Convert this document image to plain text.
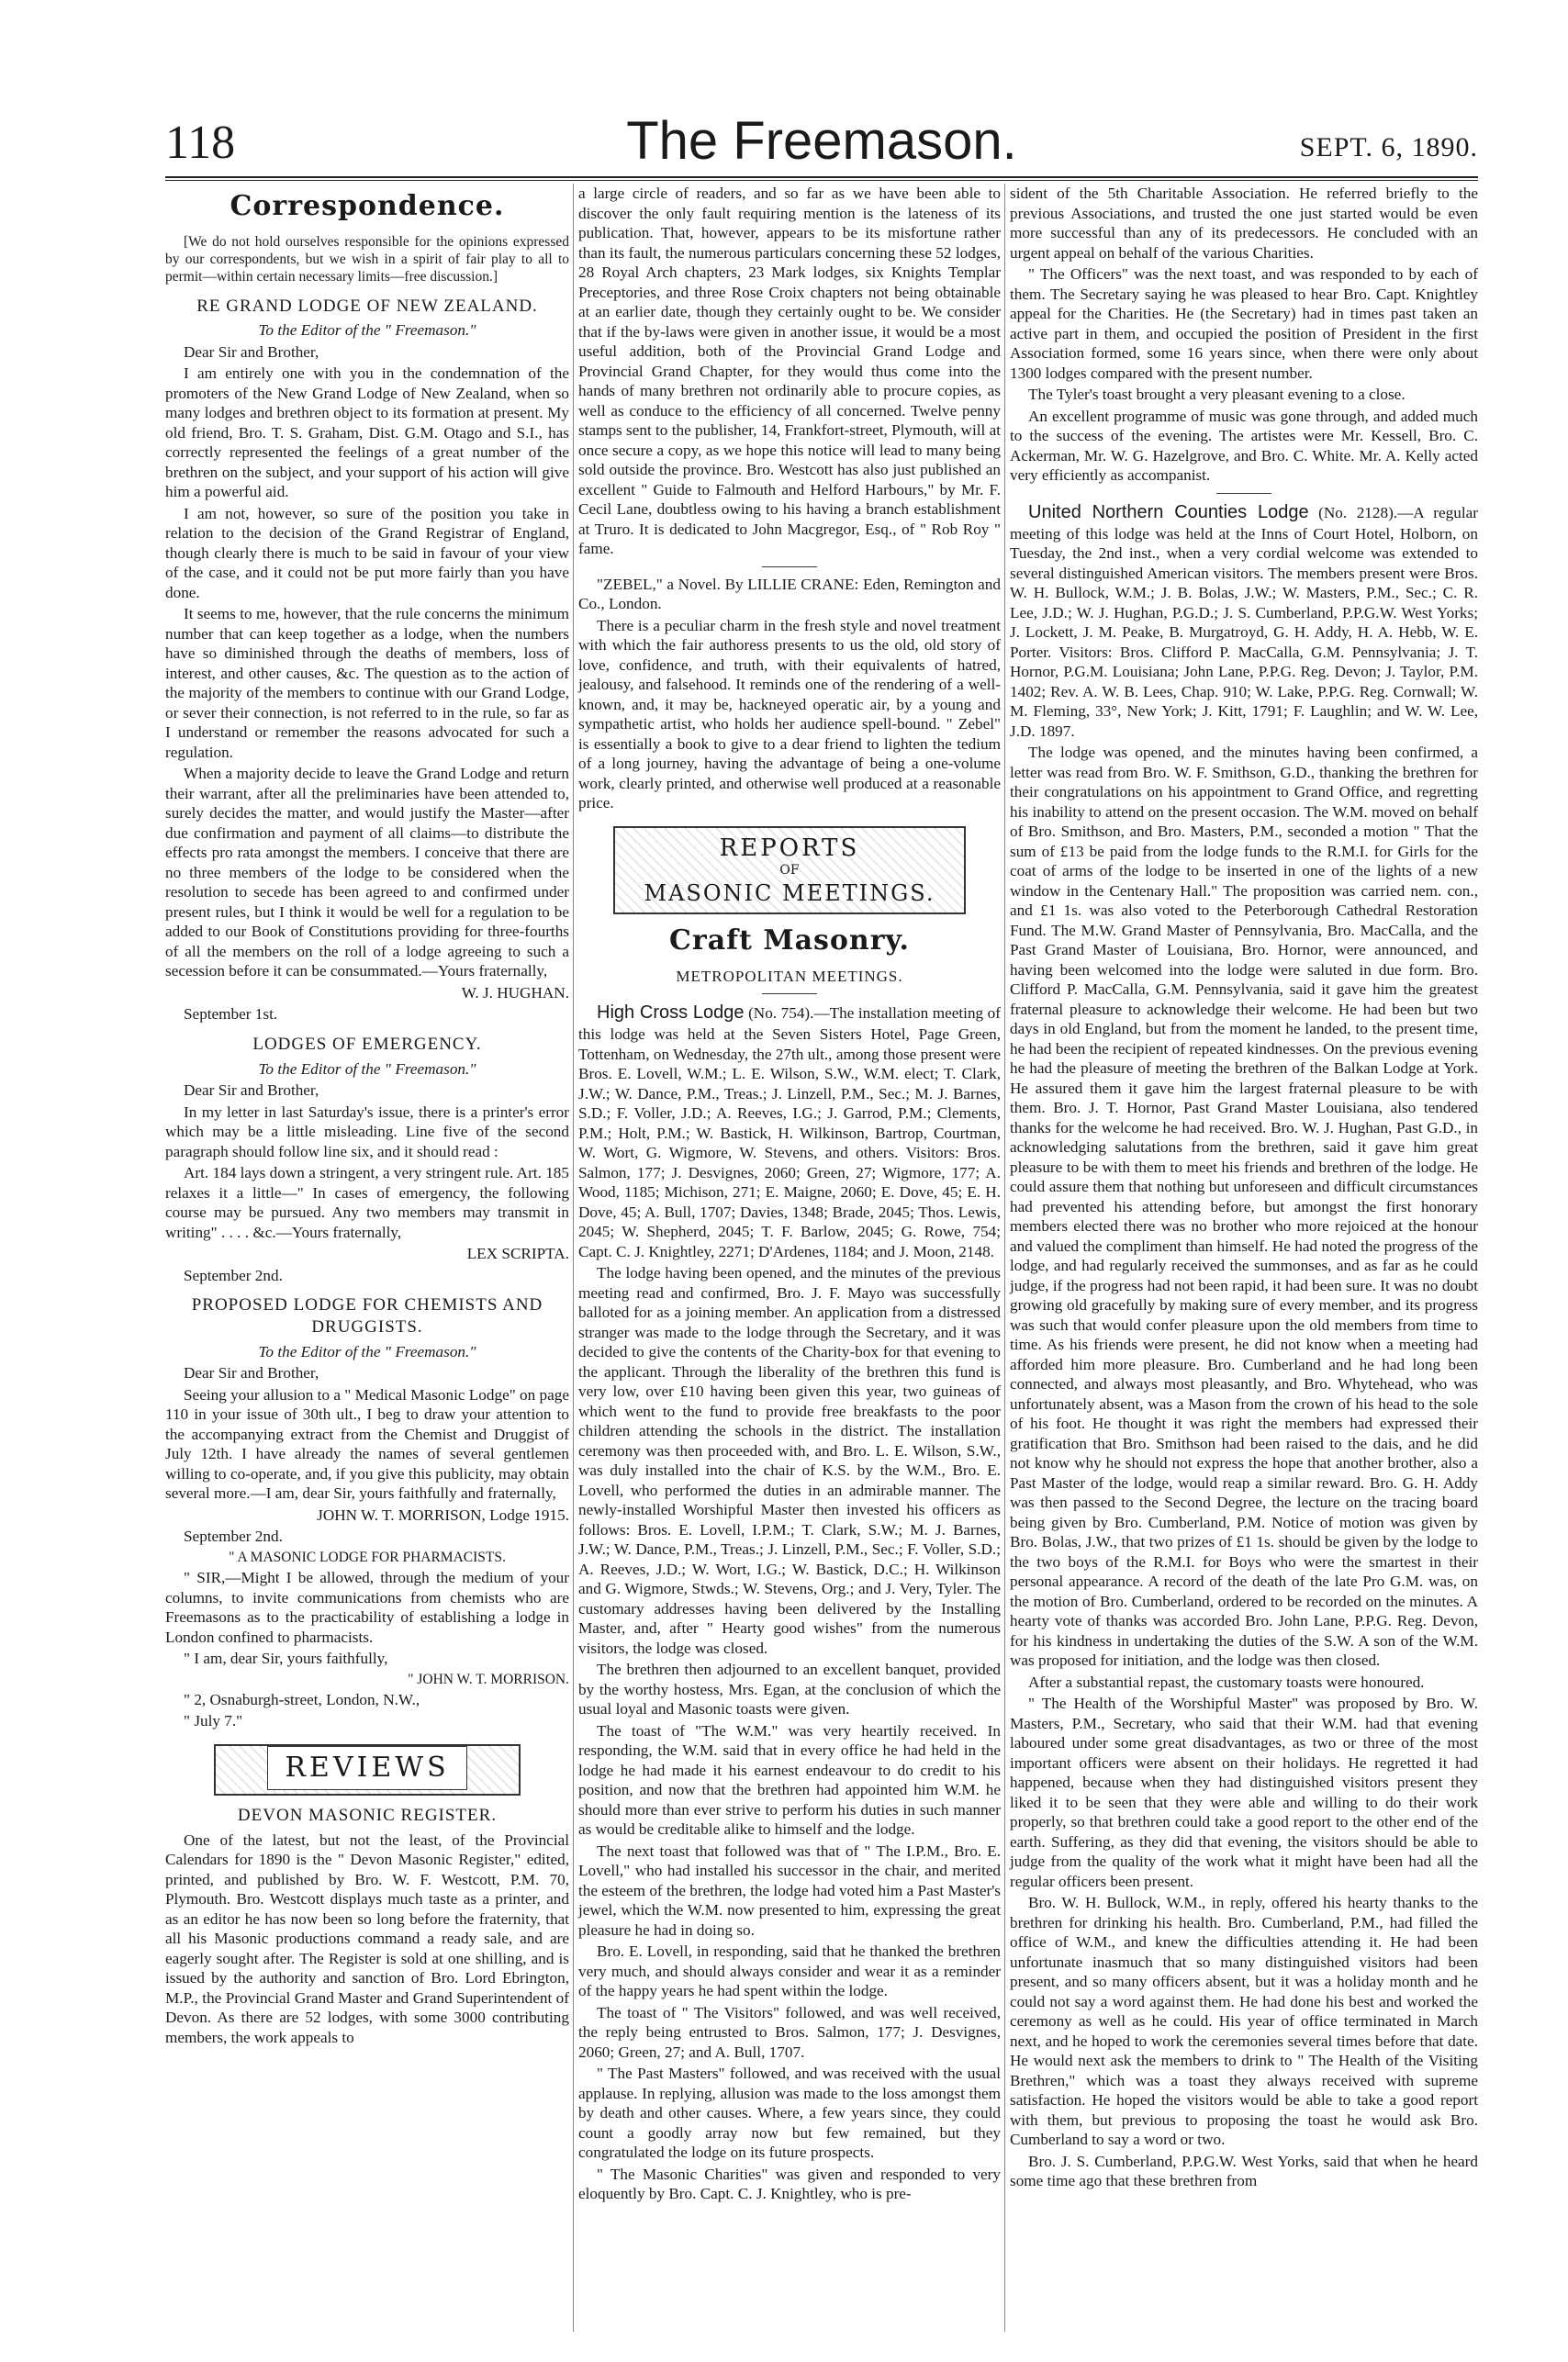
118	The Freemason.	SEPT. 6, 1890.
Correspondence.

[We do not hold ourselves responsible for the opinions expressed by our correspondents, but we wish in a spirit of fair play to all to permit—within certain necessary limits—free discussion.]

RE GRAND LODGE OF NEW ZEALAND.

To the Editor of the " Freemason."

Dear Sir and Brother,

I am entirely one with you in the condemnation of the promoters of the New Grand Lodge of New Zealand, when so many lodges and brethren object to its formation at present. My old friend, Bro. T. S. Graham, Dist. G.M. Otago and S.I., has correctly represented the feelings of a great number of the brethren on the subject, and your support of his action will give him a powerful aid.

I am not, however, so sure of the position you take in relation to the decision of the Grand Registrar of England, though clearly there is much to be said in favour of your view of the case, and it could not be put more fairly than you have done.

It seems to me, however, that the rule concerns the minimum number that can keep together as a lodge, when the numbers have so diminished through the deaths of members, loss of interest, and other causes, &c. The question as to the action of the majority of the members to continue with our Grand Lodge, or sever their connection, is not referred to in the rule, so far as I understand or remember the reasons advocated for such a regulation.

When a majority decide to leave the Grand Lodge and return their warrant, after all the preliminaries have been attended to, surely decides the matter, and would justify the Master—after due confirmation and payment of all claims—to distribute the effects pro rata amongst the members. I conceive that there are no three members of the lodge to be considered when the resolution to secede has been agreed to and confirmed under present rules, but I think it would be well for a regulation to be added to our Book of Constitutions providing for three-fourths of all the members on the roll of a lodge agreeing to such a secession before it can be consummated.—Yours fraternally,

W. J. HUGHAN.

September 1st.

LODGES OF EMERGENCY.

To the Editor of the " Freemason."

Dear Sir and Brother,

In my letter in last Saturday's issue, there is a printer's error which may be a little misleading. Line five of the second paragraph should follow line six, and it should read :

Art. 184 lays down a stringent, a very stringent rule. Art. 185 relaxes it a little—" In cases of emergency, the following course may be pursued. Any two members may transmit in writing" . . . . &c.—Yours fraternally,

LEX SCRIPTA.

September 2nd.

PROPOSED LODGE FOR CHEMISTS AND DRUGGISTS.

To the Editor of the " Freemason."

Dear Sir and Brother,

Seeing your allusion to a " Medical Masonic Lodge" on page 110 in your issue of 30th ult., I beg to draw your attention to the accompanying extract from the Chemist and Druggist of July 12th. I have already the names of several gentlemen willing to co-operate, and, if you give this publicity, may obtain several more.—I am, dear Sir, yours faithfully and fraternally,

JOHN W. T. MORRISON, Lodge 1915.

September 2nd.

" A MASONIC LODGE FOR PHARMACISTS.

" SIR,—Might I be allowed, through the medium of your columns, to invite communications from chemists who are Freemasons as to the practicability of establishing a lodge in London confined to pharmacists.

" I am, dear Sir, yours faithfully,

" JOHN W. T. MORRISON.

" 2, Osnaburgh-street, London, N.W.,

" July 7."

REVIEWS
DEVON MASONIC REGISTER.

One of the latest, but not the least, of the Provincial Calendars for 1890 is the " Devon Masonic Register," edited, printed, and published by Bro. W. F. Westcott, P.M. 70, Plymouth. Bro. Westcott displays much taste as a printer, and as an editor he has now been so long before the fraternity, that all his Masonic productions command a ready sale, and are eagerly sought after. The Register is sold at one shilling, and is issued by the authority and sanction of Bro. Lord Ebrington, M.P., the Provincial Grand Master and Grand Superintendent of Devon. As there are 52 lodges, with some 3000 contributing members, the work appeals to

a large circle of readers, and so far as we have been able to discover the only fault requiring mention is the lateness of its publication. That, however, appears to be its misfortune rather than its fault, the numerous particulars concerning these 52 lodges, 28 Royal Arch chapters, 23 Mark lodges, six Knights Templar Preceptories, and three Rose Croix chapters not being obtainable at an earlier date, though they certainly ought to be. We consider that if the by-laws were given in another issue, it would be a most useful addition, both of the Provincial Grand Lodge and Provincial Grand Chapter, for they would thus come into the hands of many brethren not ordinarily able to procure copies, as well as conduce to the efficiency of all concerned. Twelve penny stamps sent to the publisher, 14, Frankfort-street, Plymouth, will at once secure a copy, as we hope this notice will lead to many being sold outside the province. Bro. Westcott has also just published an excellent " Guide to Falmouth and Helford Harbours," by Mr. F. Cecil Lane, doubtless owing to his having a branch establishment at Truro. It is dedicated to John Macgregor, Esq., of " Rob Roy " fame.

"ZEBEL," a Novel. By LILLIE CRANE: Eden, Remington and Co., London.

There is a peculiar charm in the fresh style and novel treatment with which the fair authoress presents to us the old, old story of love, confidence, and truth, with their equivalents of hatred, jealousy, and falsehood. It reminds one of the rendering of a well-known, and, it may be, hackneyed operatic air, by a young and sympathetic artist, who holds her audience spell-bound. " Zebel" is essentially a book to give to a dear friend to lighten the tedium of a long journey, having the advantage of being a one-volume work, clearly printed, and otherwise well produced at a reasonable price.

REPORTS
OF
MASONIC MEETINGS.
Craft Masonry.
METROPOLITAN MEETINGS.

High Cross Lodge (No. 754).—The installation meeting of this lodge was held at the Seven Sisters Hotel, Page Green, Tottenham, on Wednesday, the 27th ult., among those present were Bros. E. Lovell, W.M.; L. E. Wilson, S.W., W.M. elect; T. Clark, J.W.; W. Dance, P.M., Treas.; J. Linzell, P.M., Sec.; M. J. Barnes, S.D.; F. Voller, J.D.; A. Reeves, I.G.; J. Garrod, P.M.; Clements, P.M.; Holt, P.M.; W. Bastick, H. Wilkinson, Bartrop, Courtman, W. Wort, G. Wigmore, W. Stevens, and others. Visitors: Bros. Salmon, 177; J. Desvignes, 2060; Green, 27; Wigmore, 177; A. Wood, 1185; Michison, 271; E. Maigne, 2060; E. Dove, 45; E. H. Dove, 45; A. Bull, 1707; Davies, 1348; Brade, 2045; Thos. Lewis, 2045; W. Shepherd, 2045; T. F. Barlow, 2045; G. Rowe, 754; Capt. C. J. Knightley, 2271; D'Ardenes, 1184; and J. Moon, 2148.

The lodge having been opened, and the minutes of the previous meeting read and confirmed, Bro. J. F. Mayo was successfully balloted for as a joining member. An application from a distressed stranger was made to the lodge through the Secretary, and it was decided to give the contents of the Charity-box for that evening to the applicant. Through the liberality of the brethren this fund is very low, over £10 having been given this year, two guineas of which went to the fund to provide free breakfasts to the poor children attending the schools in the district. The installation ceremony was then proceeded with, and Bro. L. E. Wilson, S.W., was duly installed into the chair of K.S. by the W.M., Bro. E. Lovell, who performed the duties in an admirable manner. The newly-installed Worshipful Master then invested his officers as follows: Bros. E. Lovell, I.P.M.; T. Clark, S.W.; M. J. Barnes, J.W.; W. Dance, P.M., Treas.; J. Linzell, P.M., Sec.; F. Voller, S.D.; A. Reeves, J.D.; W. Wort, I.G.; W. Bastick, D.C.; H. Wilkinson and G. Wigmore, Stwds.; W. Stevens, Org.; and J. Very, Tyler. The customary addresses having been delivered by the Installing Master, and, after " Hearty good wishes" from the numerous visitors, the lodge was closed.

The brethren then adjourned to an excellent banquet, provided by the worthy hostess, Mrs. Egan, at the conclusion of which the usual loyal and Masonic toasts were given.

The toast of "The W.M." was very heartily received. In responding, the W.M. said that in every office he had held in the lodge he had made it his earnest endeavour to do credit to his position, and now that the brethren had appointed him W.M. he should more than ever strive to perform his duties in such manner as would be creditable alike to himself and the lodge.

The next toast that followed was that of " The I.P.M., Bro. E. Lovell," who had installed his successor in the chair, and merited the esteem of the brethren, the lodge had voted him a Past Master's jewel, which the W.M. now presented to him, expressing the great pleasure he had in doing so.

Bro. E. Lovell, in responding, said that he thanked the brethren very much, and should always consider and wear it as a reminder of the happy years he had spent within the lodge.

The toast of " The Visitors" followed, and was well received, the reply being entrusted to Bros. Salmon, 177; J. Desvignes, 2060; Green, 27; and A. Bull, 1707.

" The Past Masters" followed, and was received with the usual applause. In replying, allusion was made to the loss amongst them by death and other causes. Where, a few years since, they could count a goodly array now but few remained, but they congratulated the lodge on its future prospects.

" The Masonic Charities" was given and responded to very eloquently by Bro. Capt. C. J. Knightley, who is pre-

sident of the 5th Charitable Association. He referred briefly to the previous Associations, and trusted the one just started would be even more successful than any of its predecessors. He concluded with an urgent appeal on behalf of the various Charities.

" The Officers" was the next toast, and was responded to by each of them. The Secretary saying he was pleased to hear Bro. Capt. Knightley appeal for the Charities. He (the Secretary) had in times past taken an active part in them, and occupied the position of President in the first Association formed, some 16 years since, when there were only about 1300 lodges compared with the present number.

The Tyler's toast brought a very pleasant evening to a close.

An excellent programme of music was gone through, and added much to the success of the evening. The artistes were Mr. Kessell, Bro. C. Ackerman, Mr. W. G. Hazelgrove, and Bro. C. White. Mr. A. Kelly acted very efficiently as accompanist.

United Northern Counties Lodge (No. 2128).—A regular meeting of this lodge was held at the Inns of Court Hotel, Holborn, on Tuesday, the 2nd inst., when a very cordial welcome was extended to several distinguished American visitors. The members present were Bros. W. H. Bullock, W.M.; J. B. Bolas, J.W.; W. Masters, P.M., Sec.; C. R. Lee, J.D.; W. J. Hughan, P.G.D.; J. S. Cumberland, P.P.G.W. West Yorks; J. Lockett, J. M. Peake, B. Murgatroyd, G. H. Addy, H. A. Hebb, W. E. Porter. Visitors: Bros. Clifford P. MacCalla, G.M. Pennsylvania; J. T. Hornor, P.G.M. Louisiana; John Lane, P.P.G. Reg. Devon; J. Taylor, P.M. 1402; Rev. A. W. B. Lees, Chap. 910; W. Lake, P.P.G. Reg. Cornwall; W. M. Fleming, 33°, New York; J. Kitt, 1791; F. Laughlin; and W. W. Lee, J.D. 1897.

The lodge was opened, and the minutes having been confirmed, a letter was read from Bro. W. F. Smithson, G.D., thanking the brethren for their congratulations on his appointment to Grand Office, and regretting his inability to attend on the present occasion. The W.M. moved on behalf of Bro. Smithson, and Bro. Masters, P.M., seconded a motion " That the sum of £13 be paid from the lodge funds to the R.M.I. for Girls for the coat of arms of the lodge to be inserted in one of the lights of a new window in the Centenary Hall." The proposition was carried nem. con., and £1 1s. was also voted to the Peterborough Cathedral Restoration Fund. The M.W. Grand Master of Pennsylvania, Bro. MacCalla, and the Past Grand Master of Louisiana, Bro. Hornor, were announced, and having been welcomed into the lodge were saluted in due form. Bro. Clifford P. MacCalla, G.M. Pennsylvania, said it gave him the greatest fraternal pleasure to acknowledge their welcome. He had been but two days in old England, but from the moment he landed, to the present time, he had been the recipient of repeated kindnesses. On the previous evening he had the pleasure of meeting the brethren of the Balkan Lodge at York. He assured them it gave him the largest fraternal pleasure to be with them. Bro. J. T. Hornor, Past Grand Master Louisiana, also tendered thanks for the welcome he had received. Bro. W. J. Hughan, Past G.D., in acknowledging salutations from the brethren, said it gave him great pleasure to be with them to meet his friends and brethren of the lodge. He could assure them that nothing but unforeseen and difficult circumstances had prevented his attending before, but amongst the first honorary members elected there was no brother who more rejoiced at the honour and valued the compliment than himself. He had noted the progress of the lodge, and had regularly received the summonses, and as far as he could judge, if the progress had not been rapid, it had been sure. It was no doubt growing old gracefully by making sure of every member, and its progress was such that would confer pleasure upon the old members from time to time. As his friends were present, he did not know when a meeting had afforded him more pleasure. Bro. Cumberland and he had long been connected, and always most pleasantly, and Bro. Whytehead, who was unfortunately absent, was a Mason from the crown of his head to the sole of his foot. He thought it was right the members had expressed their gratification that Bro. Smithson had been raised to the dais, and he did not know why he should not express the hope that another brother, also a Past Master of the lodge, would reap a similar reward. Bro. G. H. Addy was then passed to the Second Degree, the lecture on the tracing board being given by Bro. Cumberland, P.M. Notice of motion was given by Bro. Bolas, J.W., that two prizes of £1 1s. should be given by the lodge to the two boys of the R.M.I. for Boys who were the smartest in their personal appearance. A record of the death of the late Pro G.M. was, on the motion of Bro. Cumberland, ordered to be recorded on the minutes. A hearty vote of thanks was accorded Bro. John Lane, P.P.G. Reg. Devon, for his kindness in undertaking the duties of the S.W. A son of the W.M. was proposed for initiation, and the lodge was then closed.

After a substantial repast, the customary toasts were honoured.

" The Health of the Worshipful Master" was proposed by Bro. W. Masters, P.M., Secretary, who said that their W.M. had that evening laboured under some great disadvantages, as two or three of the most important officers were absent on their holidays. He regretted it had happened, because when they had distinguished visitors present they liked it to be seen that they were able and willing to do their work properly, so that brethren could take a good report to the other end of the earth. Suffering, as they did that evening, the visitors should be able to judge from the quality of the work what it might have been had all the regular officers been present.

Bro. W. H. Bullock, W.M., in reply, offered his hearty thanks to the brethren for drinking his health. Bro. Cumberland, P.M., had filled the office of W.M., and knew the difficulties attending it. He had been unfortunate inasmuch that so many distinguished visitors had been present, and so many officers absent, but it was a holiday month and he could not say a word against them. He had done his best and worked the ceremony as well as he could. His year of office terminated in March next, and he hoped to work the ceremonies several times before that date. He would next ask the members to drink to " The Health of the Visiting Brethren," which was a toast they always received with supreme satisfaction. He hoped the visitors would be able to take a good report with them, but previous to proposing the toast he would ask Bro. Cumberland to say a word or two.

Bro. J. S. Cumberland, P.P.G.W. West Yorks, said that when he heard some time ago that these brethren from
